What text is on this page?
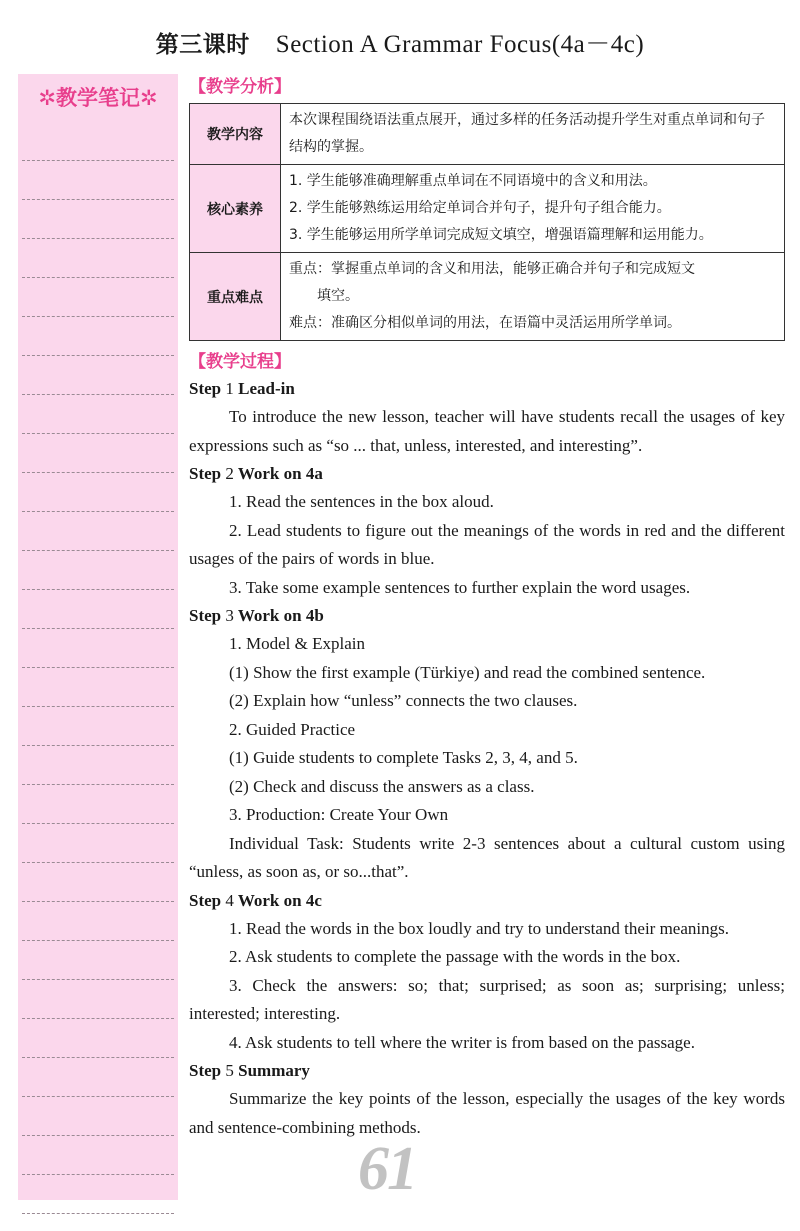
第三课时 Section A Grammar Focus(4a－4c)
✲教学笔记✲	【教学分析】
教学内容	本次课程围绕语法重点展开，通过多样的任务活动提升学生对重点单词和句子结构的掌握。

核心素养	1. 学生能够准确理解重点单词在不同语境中的含义和用法。
2. 学生能够熟练运用给定单词合并句子，提升句子组合能力。
3. 学生能够运用所学单词完成短文填空，增强语篇理解和运用能力。

重点难点	重点：掌握重点单词的含义和用法，能够正确合并句子和完成短文
填空。
难点：准确区分相似单词的用法，在语篇中灵活运用所学单词。
【教学过程】
Step 1 Lead-in

To introduce the new lesson, teacher will have students recall the usages of key expressions such as “so ... that, unless, interested, and interesting”.

Step 2 Work on 4a

1. Read the sentences in the box aloud.

2. Lead students to figure out the meanings of the words in red and the different usages of the pairs of words in blue.

3. Take some example sentences to further explain the word usages.

Step 3 Work on 4b

1. Model & Explain

(1) Show the first example (Türkiye) and read the combined sentence.

(2) Explain how “unless” connects the two clauses.

2. Guided Practice

(1) Guide students to complete Tasks 2, 3, 4, and 5.

(2) Check and discuss the answers as a class.

3. Production: Create Your Own

Individual Task: Students write 2-3 sentences about a cultural custom using “unless, as soon as, or so...that”.

Step 4 Work on 4c

1. Read the words in the box loudly and try to understand their meanings.

2. Ask students to complete the passage with the words in the box.

3. Check the answers: so; that; surprised; as soon as; surprising; unless; interested; interesting.

4. Ask students to tell where the writer is from based on the passage.

Step 5 Summary

Summarize the key points of the lesson, especially the usages of the key words and sentence-combining methods.

61
